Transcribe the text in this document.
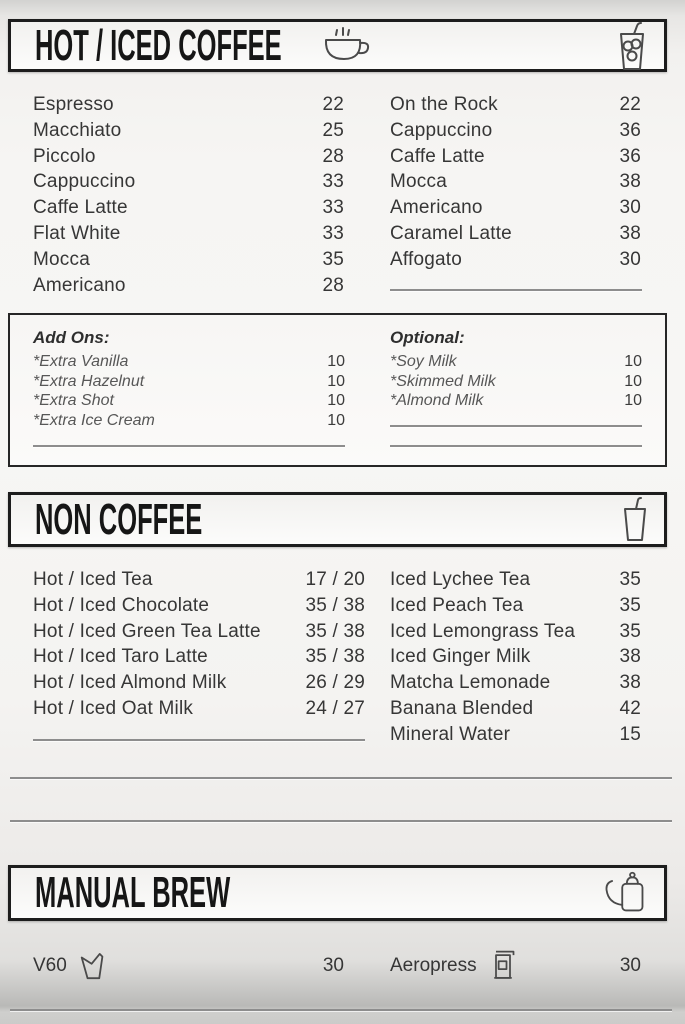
HOT / ICED COFFEE
Espresso	22
Macchiato	25
Piccolo	28
Cappuccino	33
Caffe Latte	33
Flat White	33
Mocca	35
Americano	28
On the Rock	22
Cappuccino	36
Caffe Latte	36
Mocca	38
Americano	30
Caramel Latte	38
Affogato	30
Add Ons:
*Extra Vanilla	10
*Extra Hazelnut	10
*Extra Shot	10
*Extra Ice Cream	10
Optional:
*Soy Milk	10
*Skimmed Milk	10
*Almond Milk	10
NON COFFEE
Hot / Iced Tea	17 / 20
Hot / Iced Chocolate	35 / 38
Hot / Iced Green Tea Latte 35 / 38
Hot / Iced Taro Latte	35 / 38
Hot / Iced Almond Milk	26 / 29
Hot / Iced Oat Milk	24 / 27
Iced Lychee Tea	35
Iced Peach Tea	35
Iced Lemongrass Tea 35
Iced Ginger Milk	38
Matcha Lemonade	38
Banana Blended	42
Mineral Water	15
MANUAL BREW
V60	30 Aeropress	30
